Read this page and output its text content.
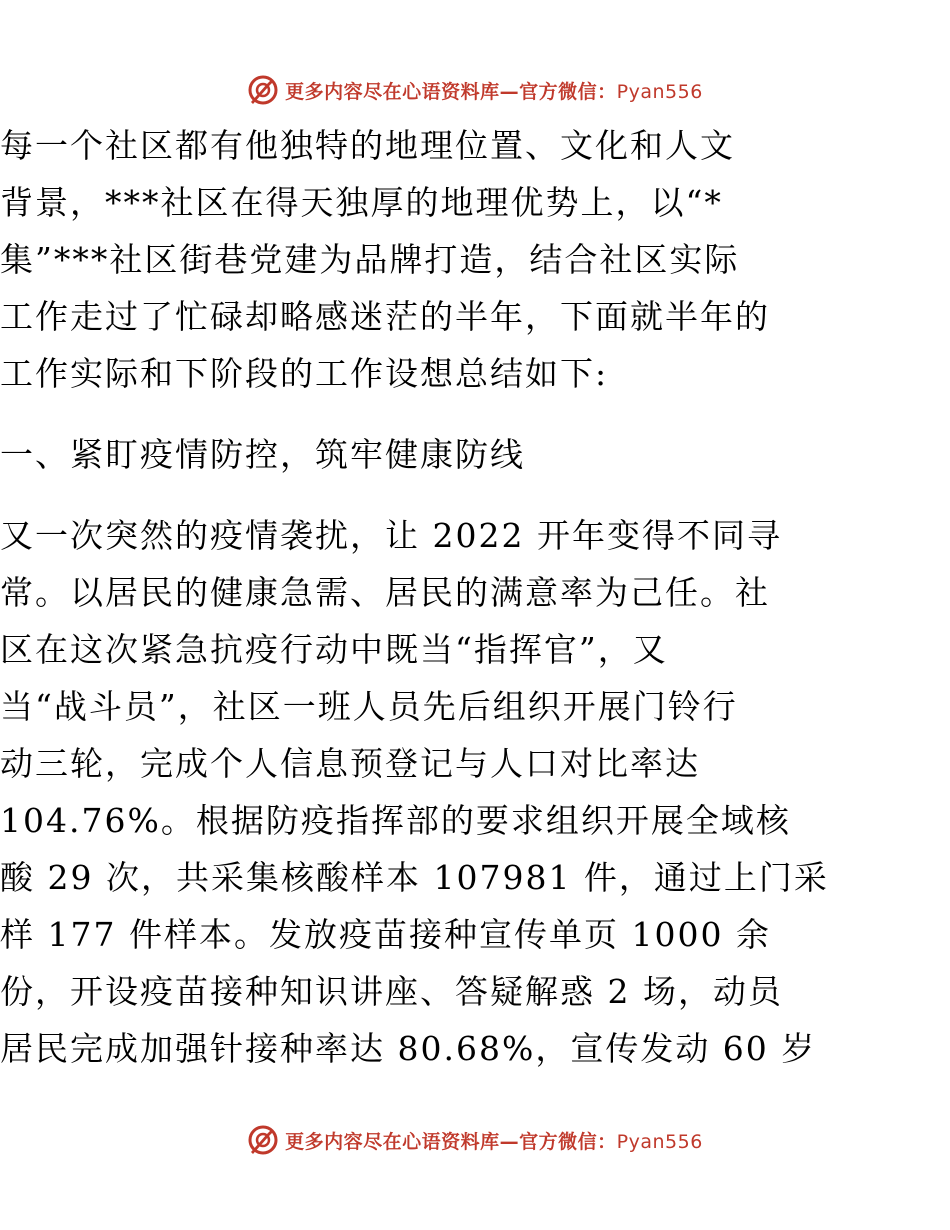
更多内容尽在心语资料库—官方微信：Pyan556
每一个社区都有他独特的地理位置、文化和人文
背景，***社区在得天独厚的地理优势上，以“*
集”***社区街巷党建为品牌打造，结合社区实际
工作走过了忙碌却略感迷茫的半年，下面就半年的
工作实际和下阶段的工作设想总结如下:
一、紧盯疫情防控，筑牢健康防线
又一次突然的疫情袭扰，让 2022 开年变得不同寻
常。以居民的健康急需、居民的满意率为己任。社
区在这次紧急抗疫行动中既当“指挥官”，又
当“战斗员”，社区一班人员先后组织开展门铃行
动三轮，完成个人信息预登记与人口对比率达
104.76%。根据防疫指挥部的要求组织开展全域核
酸 29 次，共采集核酸样本 107981 件，通过上门采
样 177 件样本。发放疫苗接种宣传单页 1000 余
份，开设疫苗接种知识讲座、答疑解惑 2 场，动员
居民完成加强针接种率达 80.68%，宣传发动 60 岁
更多内容尽在心语资料库—官方微信：Pyan556
